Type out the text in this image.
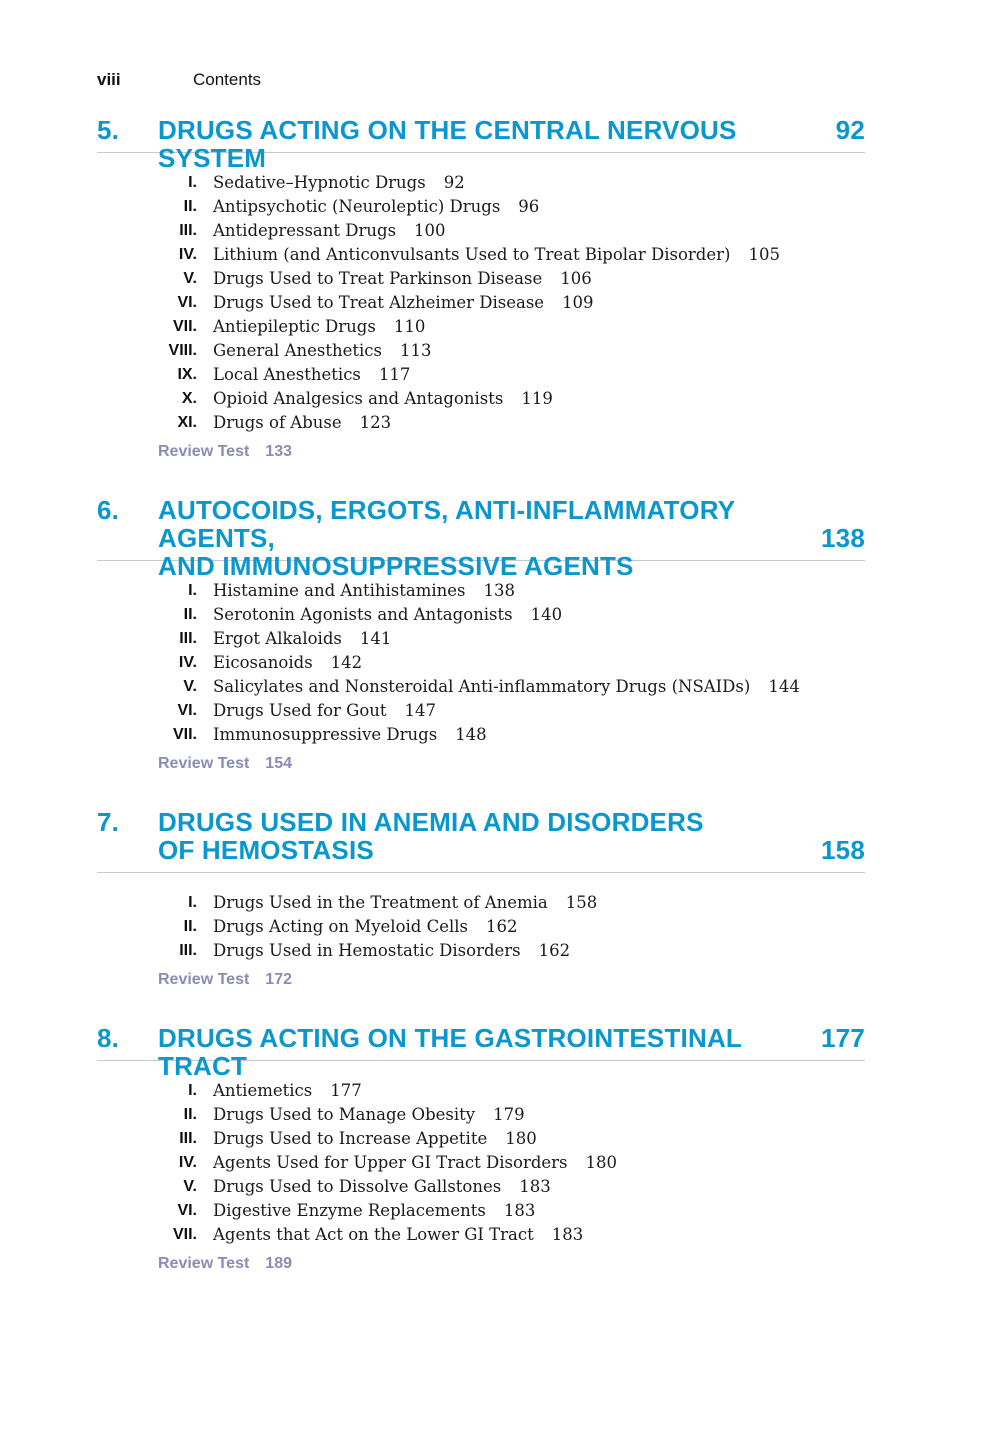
viii	Contents
5. DRUGS ACTING ON THE CENTRAL NERVOUS SYSTEM
92
I. Sedative–Hypnotic Drugs 92
II. Antipsychotic (Neuroleptic) Drugs 96
III. Antidepressant Drugs 100
IV. Lithium (and Anticonvulsants Used to Treat Bipolar Disorder) 105
V. Drugs Used to Treat Parkinson Disease 106
VI. Drugs Used to Treat Alzheimer Disease 109
VII. Antiepileptic Drugs 110
VIII. General Anesthetics 113
IX. Local Anesthetics 117
X. Opioid Analgesics and Antagonists 119
XI. Drugs of Abuse 123
Review Test 133
6. AUTOCOIDS, ERGOTS, ANTI-INFLAMMATORY AGENTS,
AND IMMUNOSUPPRESSIVE AGENTS
138
I. Histamine and Antihistamines 138
II. Serotonin Agonists and Antagonists 140
III. Ergot Alkaloids 141
IV. Eicosanoids 142
V. Salicylates and Nonsteroidal Anti-inflammatory Drugs (NSAIDs) 144
VI. Drugs Used for Gout 147
VII. Immunosuppressive Drugs 148
Review Test 154
7. DRUGS USED IN ANEMIA AND DISORDERS
OF HEMOSTASIS	158
I. Drugs Used in the Treatment of Anemia 158
II. Drugs Acting on Myeloid Cells 162
III. Drugs Used in Hemostatic Disorders 162
Review Test 172
8. DRUGS ACTING ON THE GASTROINTESTINAL TRACT
177
I. Antiemetics 177
II. Drugs Used to Manage Obesity 179
III. Drugs Used to Increase Appetite 180
IV. Agents Used for Upper GI Tract Disorders 180
V. Drugs Used to Dissolve Gallstones 183
VI. Digestive Enzyme Replacements 183
VII. Agents that Act on the Lower GI Tract 183
Review Test 189
